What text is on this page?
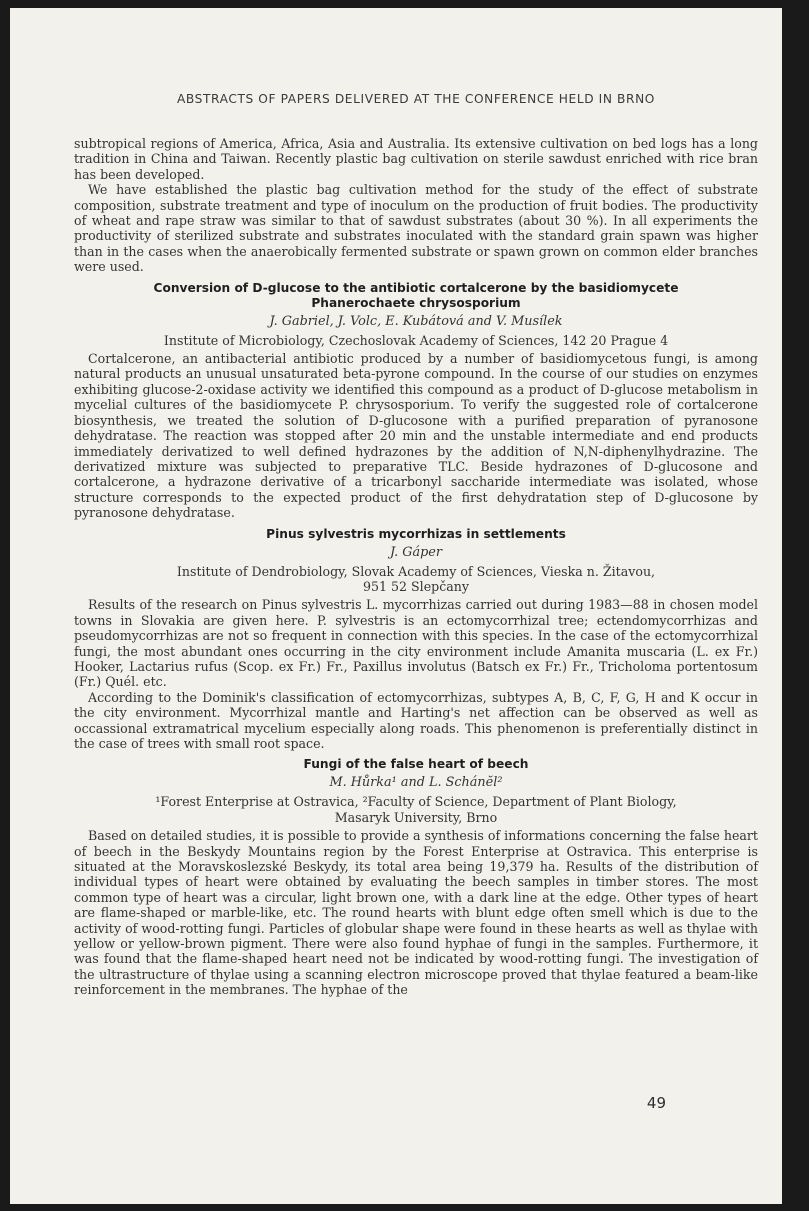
ABSTRACTS OF PAPERS DELIVERED AT THE CONFERENCE HELD IN BRNO

subtropical regions of America, Africa, Asia and Australia. Its extensive cultivation on bed logs has a long tradition in China and Taiwan. Recently plastic bag cultivation on sterile sawdust enriched with rice bran has been developed.

We have established the plastic bag cultivation method for the study of the effect of substrate composition, substrate treatment and type of inoculum on the production of fruit bodies. The productivity of wheat and rape straw was similar to that of sawdust substrates (about 30 %). In all experiments the productivity of sterilized substrate and substrates inoculated with the standard grain spawn was higher than in the cases when the anaerobically fermented substrate or spawn grown on common elder branches were used.

Conversion of D-glucose to the antibiotic cortalcerone by the basidiomycete
Phanerochaete chrysosporium
J. Gabriel, J. Volc, E. Kubátová and V. Musílek
Institute of Microbiology, Czechoslovak Academy of Sciences, 142 20 Prague 4

Cortalcerone, an antibacterial antibiotic produced by a number of basidiomycetous fungi, is among natural products an unusual unsaturated beta-pyrone compound. In the course of our studies on enzymes exhibiting glucose-2-oxidase activity we identified this compound as a product of D-glucose metabolism in mycelial cultures of the basidiomycete P. chrysosporium. To verify the suggested role of cortalcerone biosynthesis, we treated the solution of D-glucosone with a purified preparation of pyranosone dehydratase. The reaction was stopped after 20 min and the unstable intermediate and end products immediately derivatized to well defined hydrazones by the addition of N,N-diphenylhydrazine. The derivatized mixture was subjected to preparative TLC. Beside hydrazones of D-glucosone and cortalcerone, a hydrazone derivative of a tricarbonyl saccharide intermediate was isolated, whose structure corresponds to the expected product of the first dehydratation step of D-glucosone by pyranosone dehydratase.

Pinus sylvestris mycorrhizas in settlements
J. Gáper
Institute of Dendrobiology, Slovak Academy of Sciences, Vieska n. Žitavou,
951 52 Slepčany

Results of the research on Pinus sylvestris L. mycorrhizas carried out during 1983—88 in chosen model towns in Slovakia are given here. P. sylvestris is an ectomycorrhizal tree; ectendomycorrhizas and pseudomycorrhizas are not so frequent in connection with this species. In the case of the ectomycorrhizal fungi, the most abundant ones occurring in the city environment include Amanita muscaria (L. ex Fr.) Hooker, Lactarius rufus (Scop. ex Fr.) Fr., Paxillus involutus (Batsch ex Fr.) Fr., Tricholoma portentosum (Fr.) Quél. etc.

According to the Dominik's classification of ectomycorrhizas, subtypes A, B, C, F, G, H and K occur in the city environment. Mycorrhizal mantle and Harting's net affection can be observed as well as occassional extramatrical mycelium especially along roads. This phenomenon is preferentially distinct in the case of trees with small root space.

Fungi of the false heart of beech
M. Hůrka¹ and L. Schánĕl²
¹Forest Enterprise at Ostravica, ²Faculty of Science, Department of Plant Biology,
Masaryk University, Brno

Based on detailed studies, it is possible to provide a synthesis of informations concerning the false heart of beech in the Beskydy Mountains region by the Forest Enterprise at Ostravica. This enterprise is situated at the Moravskoslezské Beskydy, its total area being 19,379 ha. Results of the distribution of individual types of heart were obtained by evaluating the beech samples in timber stores. The most common type of heart was a circular, light brown one, with a dark line at the edge. Other types of heart are flame-shaped or marble-like, etc. The round hearts with blunt edge often smell which is due to the activity of wood-rotting fungi. Particles of globular shape were found in these hearts as well as thylae with yellow or yellow-brown pigment. There were also found hyphae of fungi in the samples. Furthermore, it was found that the flame-shaped heart need not be indicated by wood-rotting fungi. The investigation of the ultrastructure of thylae using a scanning electron microscope proved that thylae featured a beam-like reinforcement in the membranes. The hyphae of the

49
